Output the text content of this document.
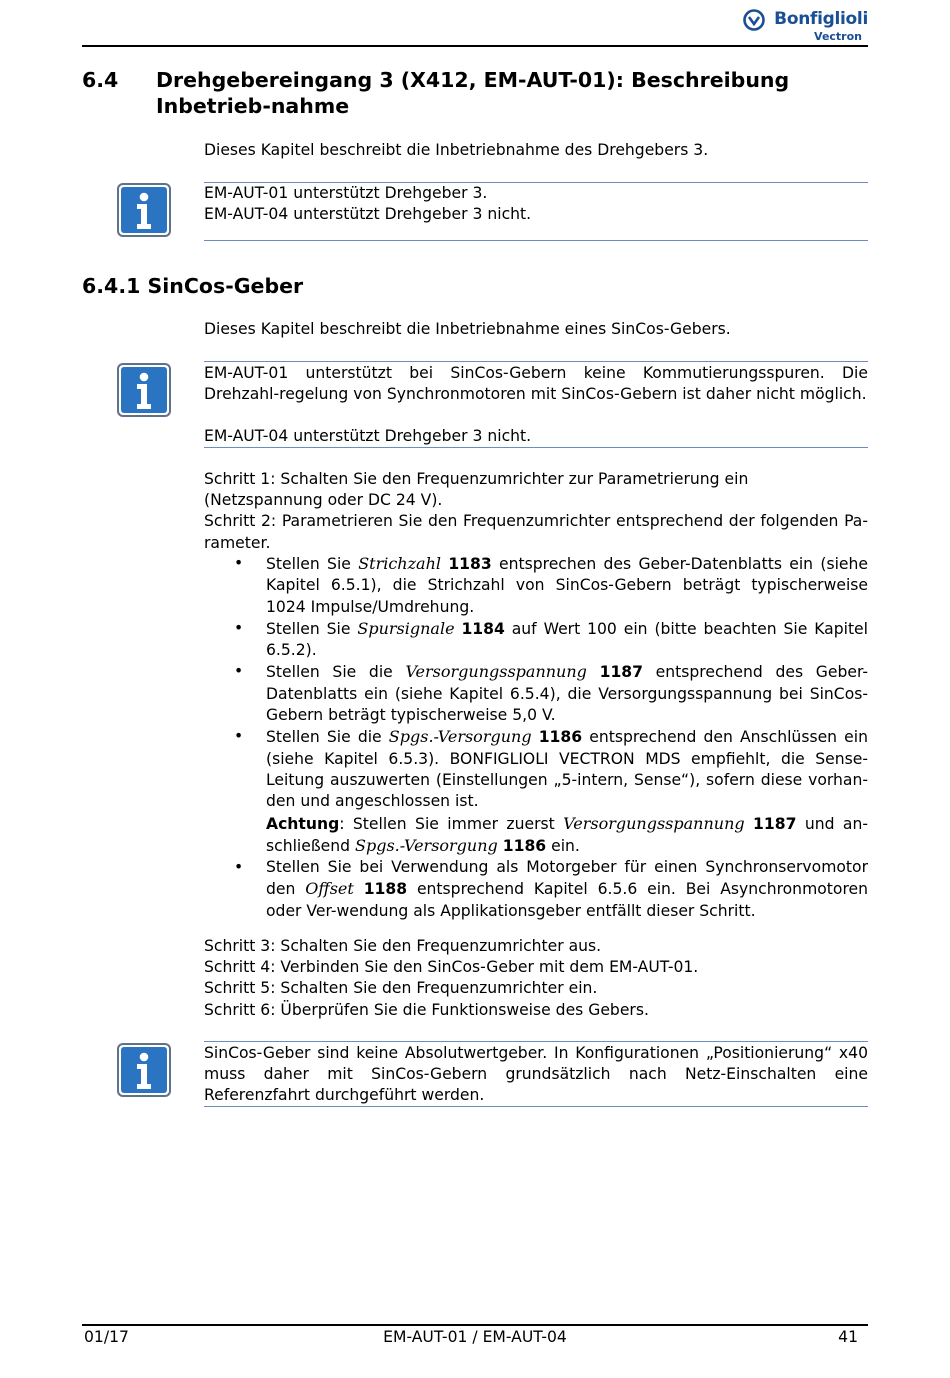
Bonfiglioli
Vectron
6.4 Drehgebereingang 3 (X412, EM-AUT-01): Beschreibung Inbetrieb-nahme
Dieses Kapitel beschreibt die Inbetriebnahme des Drehgebers 3.
EM-AUT-01 unterstützt Drehgeber 3.
EM-AUT-04 unterstützt Drehgeber 3 nicht.
6.4.1 SinCos-Geber
Dieses Kapitel beschreibt die Inbetriebnahme eines SinCos-Gebers.
EM-AUT-01 unterstützt bei SinCos-Gebern keine Kommutierungsspuren. Die Drehzahl-regelung von Synchronmotoren mit SinCos-Gebern ist daher nicht möglich.
EM-AUT-04 unterstützt Drehgeber 3 nicht.
Schritt 1: Schalten Sie den Frequenzumrichter zur Parametrierung ein (Netzspannung oder DC 24 V).
Schritt 2: Parametrieren Sie den Frequenzumrichter entsprechend der folgenden Pa-rameter.
• Stellen Sie Strichzahl 1183 entsprechen des Geber-Datenblatts ein (siehe Kapitel 6.5.1), die Strichzahl von SinCos-Gebern beträgt typischerweise 1024 Impulse/Umdrehung.
• Stellen Sie Spursignale 1184 auf Wert 100 ein (bitte beachten Sie Kapitel 6.5.2).
• Stellen Sie die Versorgungsspannung 1187 entsprechend des Geber-Datenblatts ein (siehe Kapitel 6.5.4), die Versorgungsspannung bei SinCos-Gebern beträgt typischerweise 5,0 V.
• Stellen Sie die Spgs.-Versorgung 1186 entsprechend den Anschlüssen ein (siehe Kapitel 6.5.3). BONFIGLIOLI VECTRON MDS empfiehlt, die Sense-Leitung auszuwerten (Einstellungen „5-intern, Sense“), sofern diese vorhan-den und angeschlossen ist.
Achtung: Stellen Sie immer zuerst Versorgungsspannung 1187 und an-schließend Spgs.-Versorgung 1186 ein.
• Stellen Sie bei Verwendung als Motorgeber für einen Synchronservomotor den Offset 1188 entsprechend Kapitel 6.5.6 ein. Bei Asynchronmotoren oder Ver-wendung als Applikationsgeber entfällt dieser Schritt.
Schritt 3: Schalten Sie den Frequenzumrichter aus.
Schritt 4: Verbinden Sie den SinCos-Geber mit dem EM-AUT-01.
Schritt 5: Schalten Sie den Frequenzumrichter ein.
Schritt 6: Überprüfen Sie die Funktionsweise des Gebers.
SinCos-Geber sind keine Absolutwertgeber. In Konfigurationen „Positionierung“ x40 muss daher mit SinCos-Gebern grundsätzlich nach Netz-Einschalten eine Referenzfahrt durchgeführt werden.
01/17	EM-AUT-01 / EM-AUT-04	41
